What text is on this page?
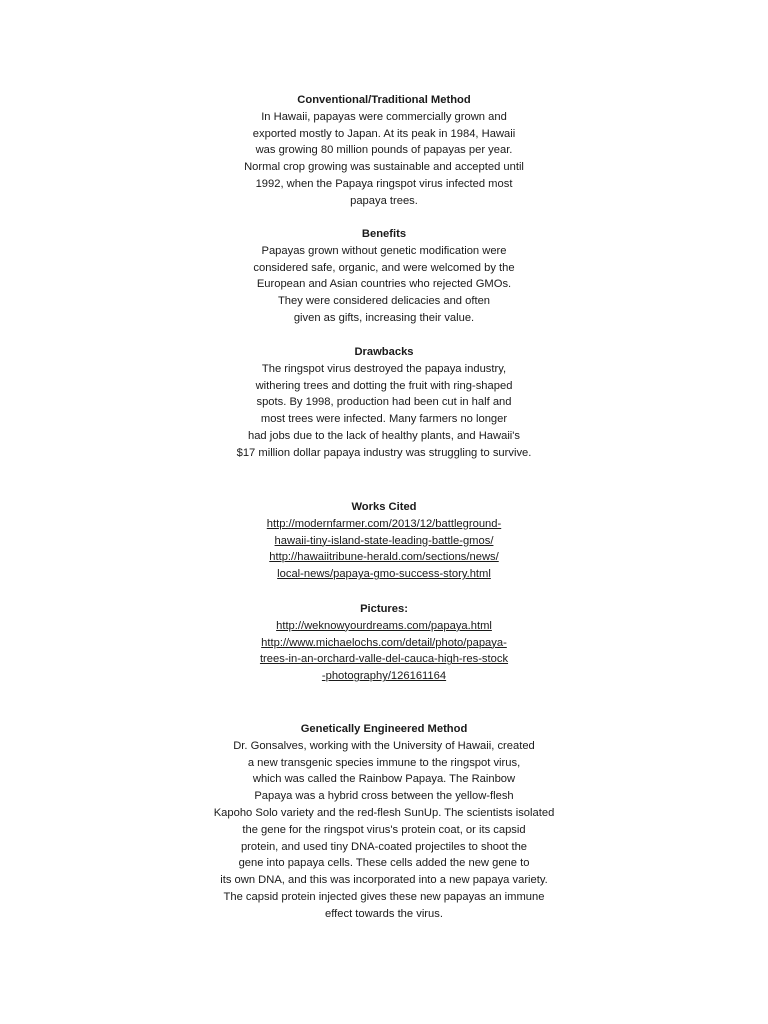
Conventional/Traditional Method
In Hawaii, papayas were commercially grown and
exported mostly to Japan. At its peak in 1984, Hawaii
was growing 80 million pounds of papayas per year.
Normal crop growing was sustainable and accepted until
1992, when the Papaya ringspot virus infected most
papaya trees.
Benefits
Papayas grown without genetic modification were
considered safe, organic, and were welcomed by the
European and Asian countries who rejected GMOs.
They were considered delicacies and often
given as gifts, increasing their value.
Drawbacks
The ringspot virus destroyed the papaya industry,
withering trees and dotting the fruit with ring-shaped
spots. By 1998, production had been cut in half and
most trees were infected. Many farmers no longer
had jobs due to the lack of healthy plants, and Hawaii's
$17 million dollar papaya industry was struggling to survive.
Works Cited
http://modernfarmer.com/2013/12/battleground-
hawaii-tiny-island-state-leading-battle-gmos/
http://hawaiitribune-herald.com/sections/news/
local-news/papaya-gmo-success-story.html
Pictures:
http://weknowyourdreams.com/papaya.html
http://www.michaelochs.com/detail/photo/papaya-
trees-in-an-orchard-valle-del-cauca-high-res-stock
-photography/126161164
Genetically Engineered Method
Dr. Gonsalves, working with the University of Hawaii, created
a new transgenic species immune to the ringspot virus,
which was called the Rainbow Papaya. The Rainbow
Papaya was a hybrid cross between the yellow-flesh
Kapoho Solo variety and the red-flesh SunUp. The scientists isolated
the gene for the ringspot virus's protein coat, or its capsid
protein, and used tiny DNA-coated projectiles to shoot the
gene into papaya cells. These cells added the new gene to
its own DNA, and this was incorporated into a new papaya variety.
The capsid protein injected gives these new papayas an immune
effect towards the virus.
